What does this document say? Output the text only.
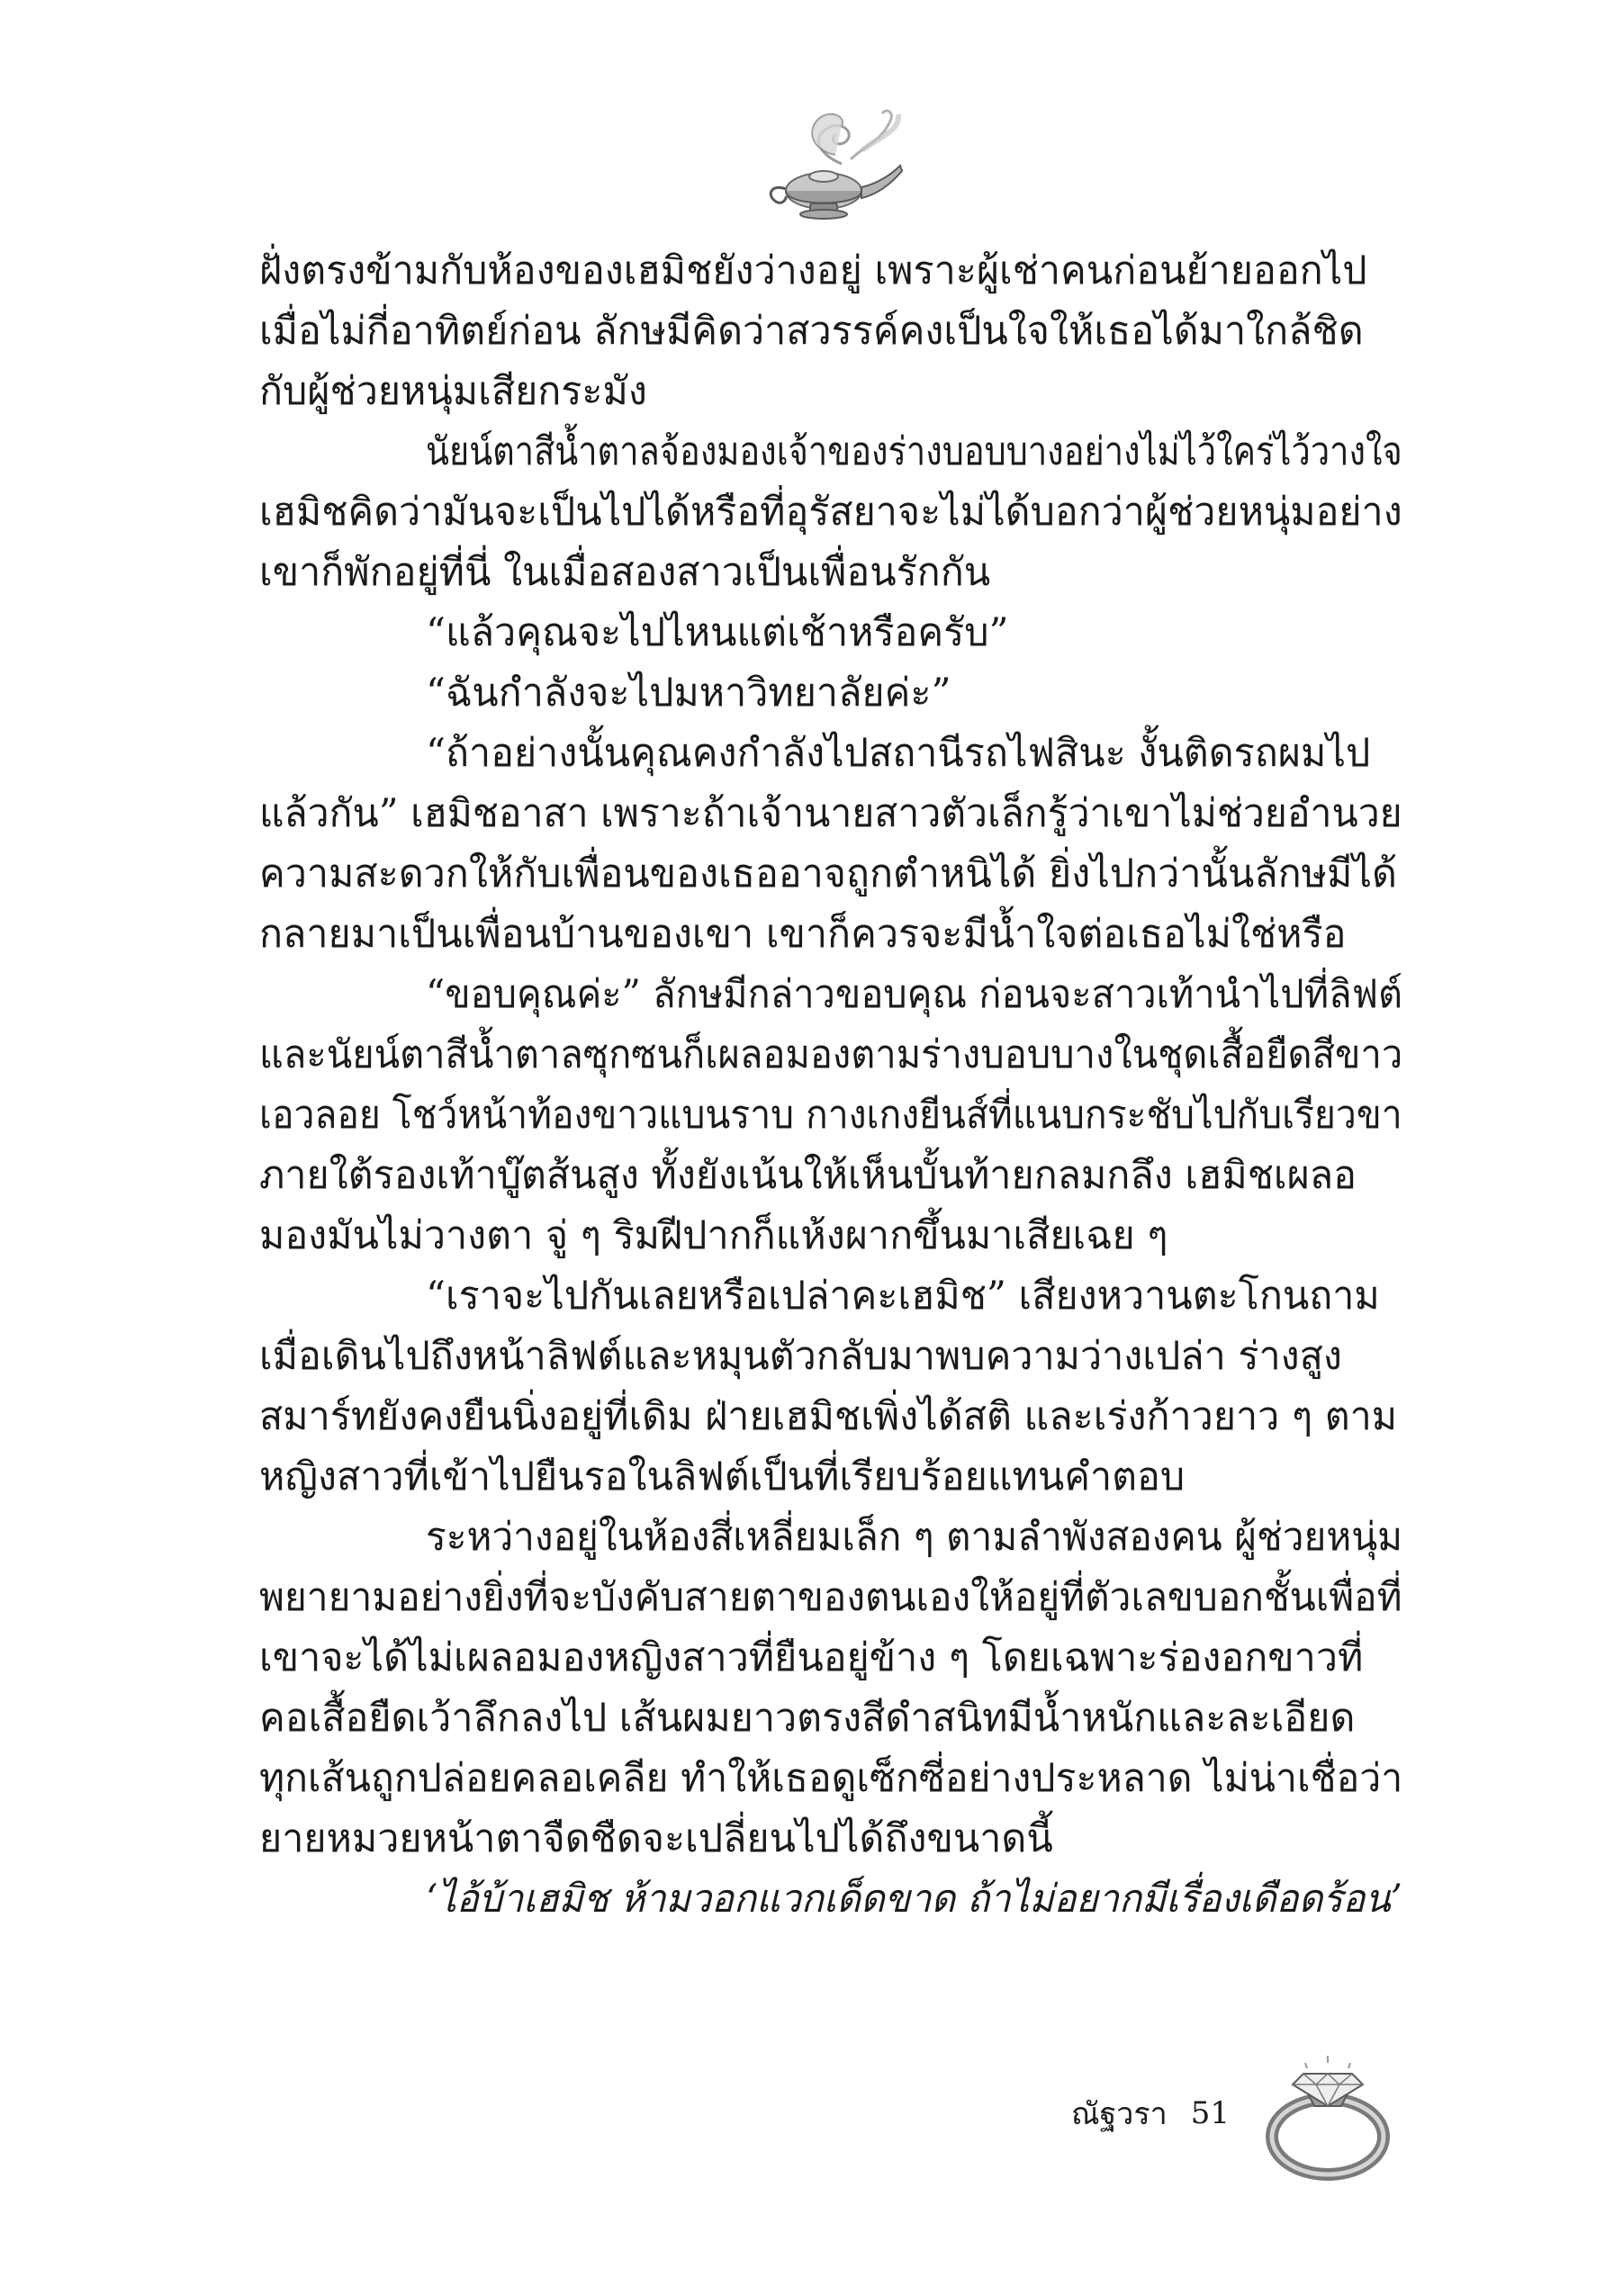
ฝั่งตรงข้ามกับห้องของเฮมิชยังว่างอยู่ เพราะผู้เช่าคนก่อนย้ายออกไป
เมื่อไม่กี่อาทิตย์ก่อน ลักษมีคิดว่าสวรรค์คงเป็นใจให้เธอได้มาใกล้ชิด
กับผู้ช่วยหนุ่มเสียกระมัง
นัยน์ตาสีน้ำตาลจ้องมองเจ้าของร่างบอบบางอย่างไม่ไว้ใคร่ไว้วางใจ
เฮมิชคิดว่ามันจะเป็นไปได้หรือที่อุรัสยาจะไม่ได้บอกว่าผู้ช่วยหนุ่มอย่าง
เขาก็พักอยู่ที่นี่ ในเมื่อสองสาวเป็นเพื่อนรักกัน
“แล้วคุณจะไปไหนแต่เช้าหรือครับ”
“ฉันกำลังจะไปมหาวิทยาลัยค่ะ”
“ถ้าอย่างนั้นคุณคงกำลังไปสถานีรถไฟสินะ งั้นติดรถผมไป
แล้วกัน” เฮมิชอาสา เพราะถ้าเจ้านายสาวตัวเล็กรู้ว่าเขาไม่ช่วยอำนวย
ความสะดวกให้กับเพื่อนของเธออาจถูกตำหนิได้ ยิ่งไปกว่านั้นลักษมีได้
กลายมาเป็นเพื่อนบ้านของเขา เขาก็ควรจะมีน้ำใจต่อเธอไม่ใช่หรือ
“ขอบคุณค่ะ” ลักษมีกล่าวขอบคุณ ก่อนจะสาวเท้านำไปที่ลิฟต์
และนัยน์ตาสีน้ำตาลซุกซนก็เผลอมองตามร่างบอบบางในชุดเสื้อยืดสีขาว
เอวลอย โชว์หน้าท้องขาวแบนราบ กางเกงยีนส์ที่แนบกระชับไปกับเรียวขา
ภายใต้รองเท้าบู๊ตส้นสูง ทั้งยังเน้นให้เห็นบั้นท้ายกลมกลึง เฮมิชเผลอ
มองมันไม่วางตา จู่ ๆ ริมฝีปากก็แห้งผากขึ้นมาเสียเฉย ๆ
“เราจะไปกันเลยหรือเปล่าคะเฮมิช” เสียงหวานตะโกนถาม
เมื่อเดินไปถึงหน้าลิฟต์และหมุนตัวกลับมาพบความว่างเปล่า ร่างสูง
สมาร์ทยังคงยืนนิ่งอยู่ที่เดิม ฝ่ายเฮมิชเพิ่งได้สติ และเร่งก้าวยาว ๆ ตาม
หญิงสาวที่เข้าไปยืนรอในลิฟต์เป็นที่เรียบร้อยแทนคำตอบ
ระหว่างอยู่ในห้องสี่เหลี่ยมเล็ก ๆ ตามลำพังสองคน ผู้ช่วยหนุ่ม
พยายามอย่างยิ่งที่จะบังคับสายตาของตนเองให้อยู่ที่ตัวเลขบอกชั้นเพื่อที่
เขาจะได้ไม่เผลอมองหญิงสาวที่ยืนอยู่ข้าง ๆ โดยเฉพาะร่องอกขาวที่
คอเสื้อยืดเว้าลึกลงไป เส้นผมยาวตรงสีดำสนิทมีน้ำหนักและละเอียด
ทุกเส้นถูกปล่อยคลอเคลีย ทำให้เธอดูเซ็กซี่อย่างประหลาด ไม่น่าเชื่อว่า
ยายหมวยหน้าตาจืดชืดจะเปลี่ยนไปได้ถึงขนาดนี้
‘ไอ้บ้าเฮมิช ห้ามวอกแวกเด็ดขาด ถ้าไม่อยากมีเรื่องเดือดร้อน’
ณัฐวรา 51
